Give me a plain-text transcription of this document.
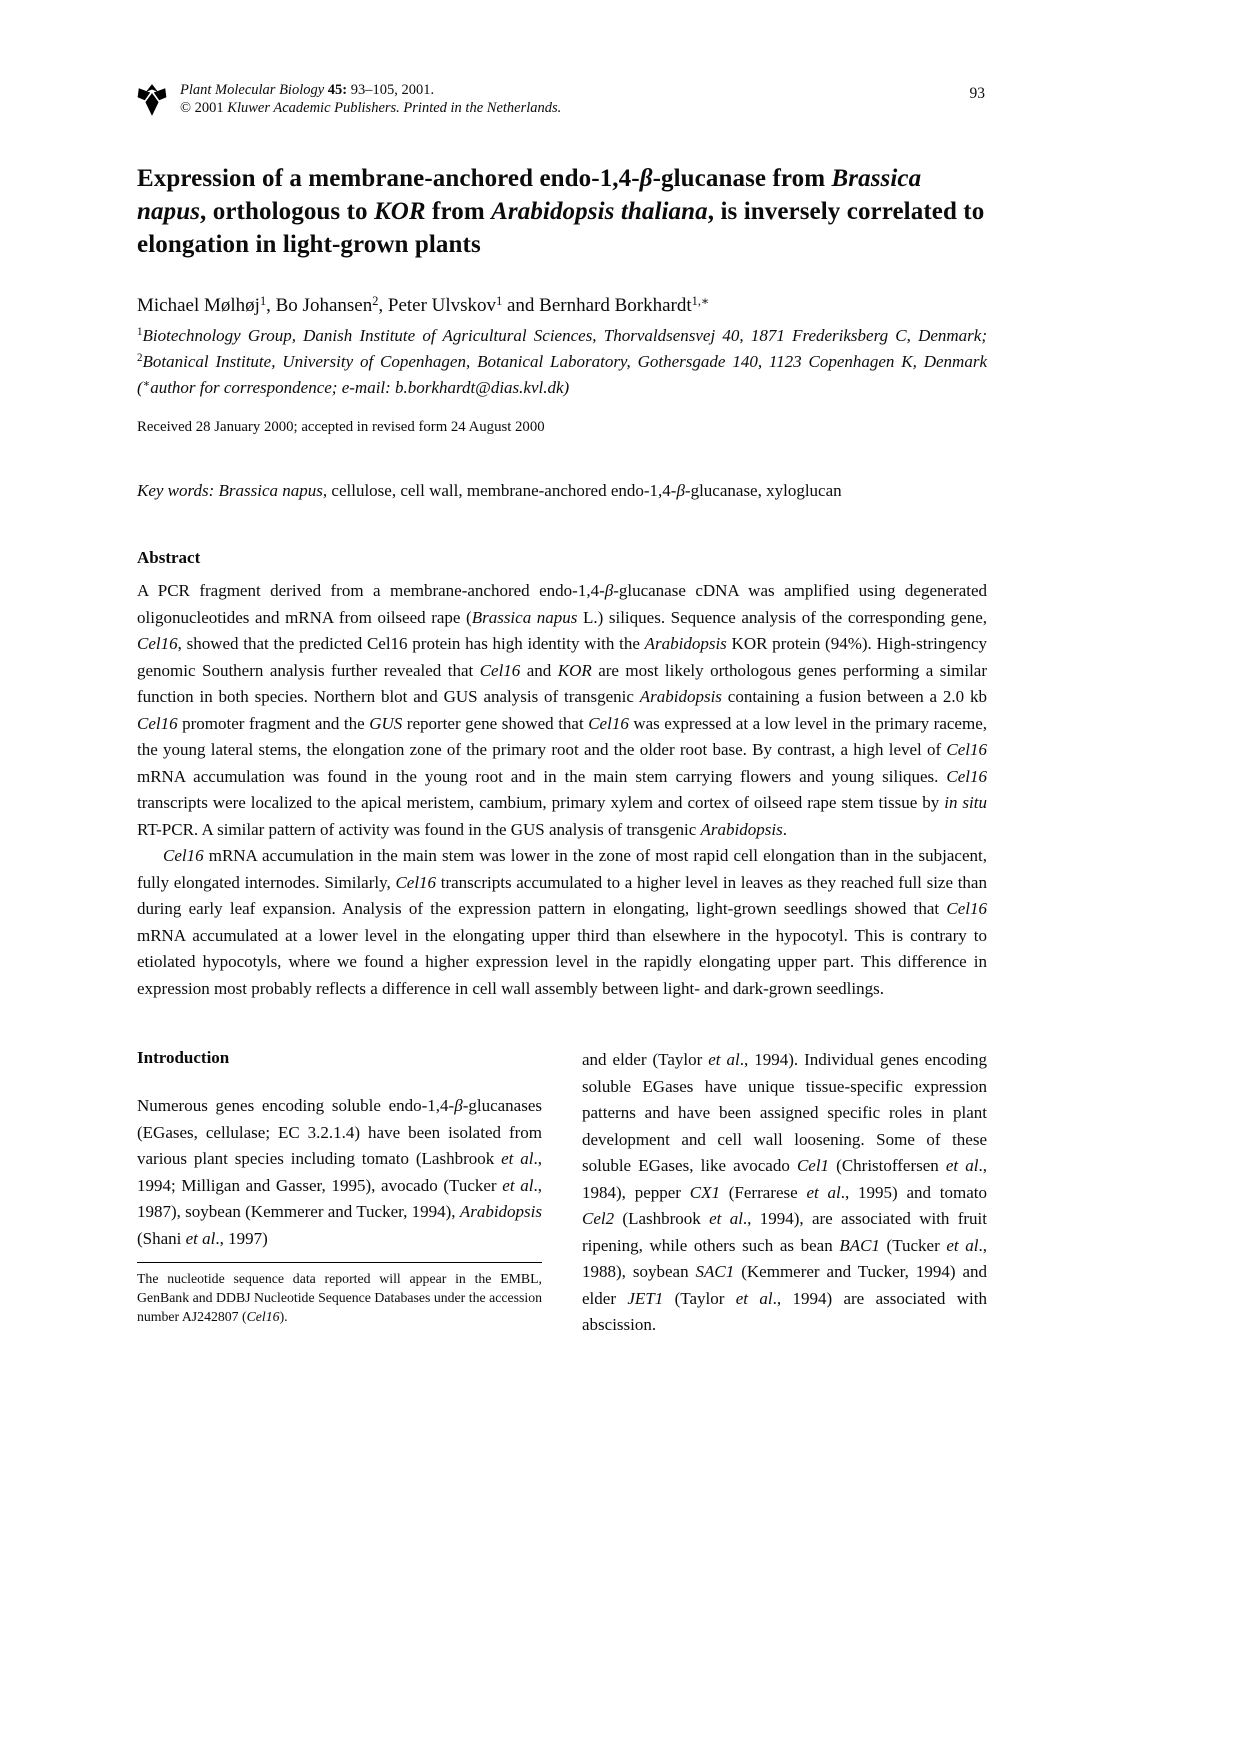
Plant Molecular Biology 45: 93–105, 2001.
© 2001 Kluwer Academic Publishers. Printed in the Netherlands.
93
Expression of a membrane-anchored endo-1,4-β-glucanase from Brassica napus, orthologous to KOR from Arabidopsis thaliana, is inversely correlated to elongation in light-grown plants
Michael Mølhøj$^1$, Bo Johansen$^2$, Peter Ulvskov$^1$ and Bernhard Borkhardt$^{1,∗}$
$^1$Biotechnology Group, Danish Institute of Agricultural Sciences, Thorvaldsensvej 40, 1871 Frederiksberg C, Denmark; $^2$Botanical Institute, University of Copenhagen, Botanical Laboratory, Gothersgade 140, 1123 Copenhagen K, Denmark (∗author for correspondence; e-mail: b.borkhardt@dias.kvl.dk)
Received 28 January 2000; accepted in revised form 24 August 2000
Key words: Brassica napus, cellulose, cell wall, membrane-anchored endo-1,4-β-glucanase, xyloglucan
Abstract

A PCR fragment derived from a membrane-anchored endo-1,4-β-glucanase cDNA was amplified using degenerated oligonucleotides and mRNA from oilseed rape (Brassica napus L.) siliques. Sequence analysis of the corresponding gene, Cel16, showed that the predicted Cel16 protein has high identity with the Arabidopsis KOR protein (94%). High-stringency genomic Southern analysis further revealed that Cel16 and KOR are most likely orthologous genes performing a similar function in both species. Northern blot and GUS analysis of transgenic Arabidopsis containing a fusion between a 2.0 kb Cel16 promoter fragment and the GUS reporter gene showed that Cel16 was expressed at a low level in the primary raceme, the young lateral stems, the elongation zone of the primary root and the older root base. By contrast, a high level of Cel16 mRNA accumulation was found in the young root and in the main stem carrying flowers and young siliques. Cel16 transcripts were localized to the apical meristem, cambium, primary xylem and cortex of oilseed rape stem tissue by in situ RT-PCR. A similar pattern of activity was found in the GUS analysis of transgenic Arabidopsis.

Cel16 mRNA accumulation in the main stem was lower in the zone of most rapid cell elongation than in the subjacent, fully elongated internodes. Similarly, Cel16 transcripts accumulated to a higher level in leaves as they reached full size than during early leaf expansion. Analysis of the expression pattern in elongating, light-grown seedlings showed that Cel16 mRNA accumulated at a lower level in the elongating upper third than elsewhere in the hypocotyl. This is contrary to etiolated hypocotyls, where we found a higher expression level in the rapidly elongating upper part. This difference in expression most probably reflects a difference in cell wall assembly between light- and dark-grown seedlings.

Introduction

Numerous genes encoding soluble endo-1,4-β-glucanases (EGases, cellulase; EC 3.2.1.4) have been isolated from various plant species including tomato (Lashbrook et al., 1994; Milligan and Gasser, 1995), avocado (Tucker et al., 1987), soybean (Kemmerer and Tucker, 1994), Arabidopsis (Shani et al., 1997)

The nucleotide sequence data reported will appear in the EMBL, GenBank and DDBJ Nucleotide Sequence Databases under the accession number AJ242807 (Cel16).

and elder (Taylor et al., 1994). Individual genes encoding soluble EGases have unique tissue-specific expression patterns and have been assigned specific roles in plant development and cell wall loosening. Some of these soluble EGases, like avocado Cel1 (Christoffersen et al., 1984), pepper CX1 (Ferrarese et al., 1995) and tomato Cel2 (Lashbrook et al., 1994), are associated with fruit ripening, while others such as bean BAC1 (Tucker et al., 1988), soybean SAC1 (Kemmerer and Tucker, 1994) and elder JET1 (Taylor et al., 1994) are associated with abscission.
